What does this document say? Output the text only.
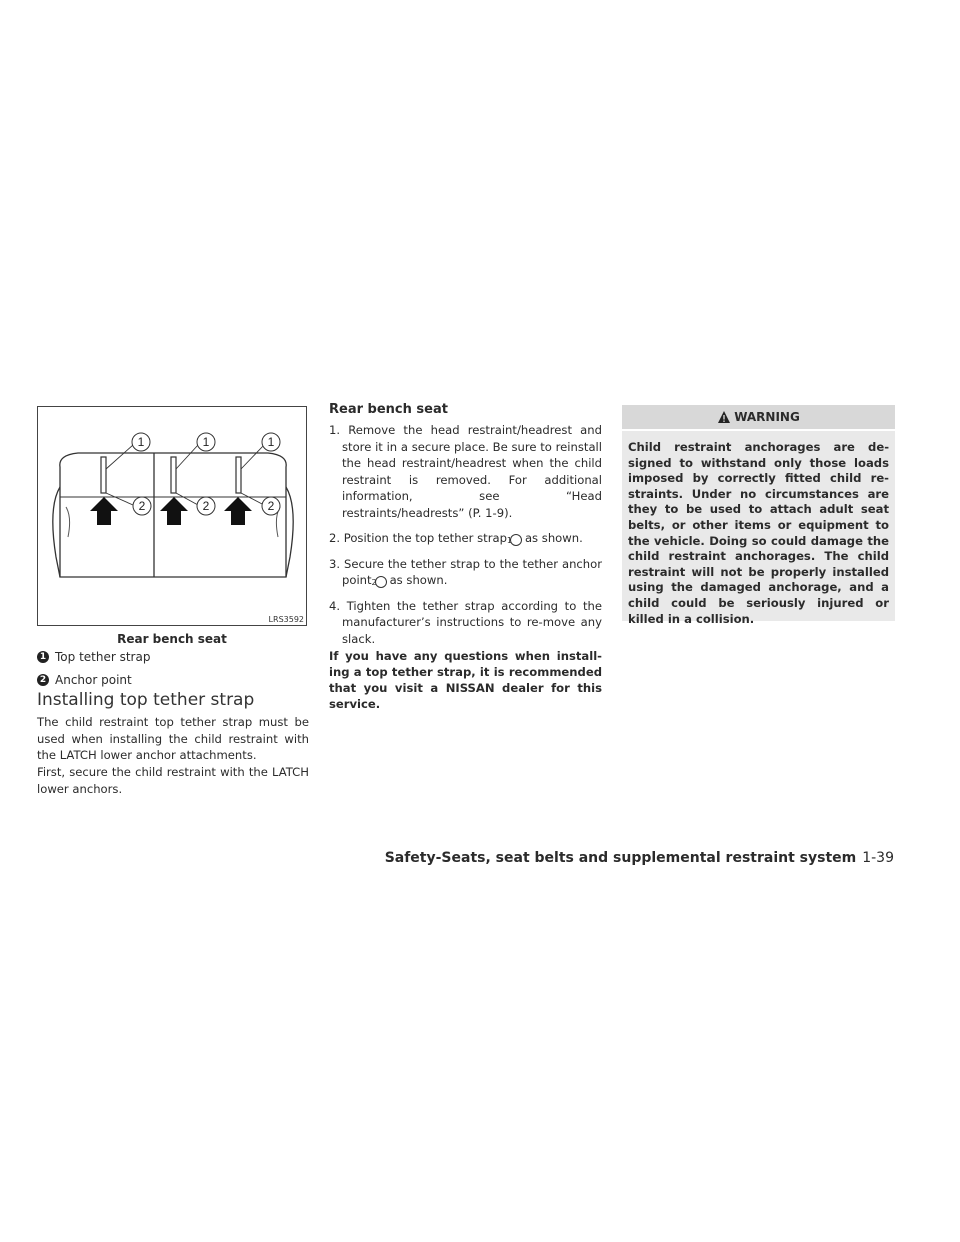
1	1	1
2	2	2
LRS3592
Rear bench seat
1 Top tether strap
2 Anchor point
Installing top tether strap

The child restraint top tether strap must be used when installing the child restraint with the LATCH lower anchor attachments.

First, secure the child restraint with the LATCH lower anchors.

Rear bench seat
1. Remove the head restraint/headrest and store it in a secure place. Be sure to reinstall the head restraint/headrest when the child restraint is removed. For additional information, see “Head restraints/headrests” (P. 1-9).
2. Position the top tether strap1 as shown.
3. Secure the tether strap to the tether anchor point2 as shown.
4. Tighten the tether strap according to the manufacturer’s instructions to re-move any slack.

If you have any questions when install-ing a top tether strap, it is recommended that you visit a NISSAN dealer for this service.

WARNING
Child restraint anchorages are de-signed to withstand only those loads imposed by correctly fitted child re-straints. Under no circumstances are they to be used to attach adult seat belts, or other items or equipment to the vehicle. Doing so could damage the child restraint anchorages. The child restraint will not be properly installed using the damaged anchorage, and a child could be seriously injured or killed in a collision.
Safety-Seats, seat belts and supplemental restraint system 1-39
